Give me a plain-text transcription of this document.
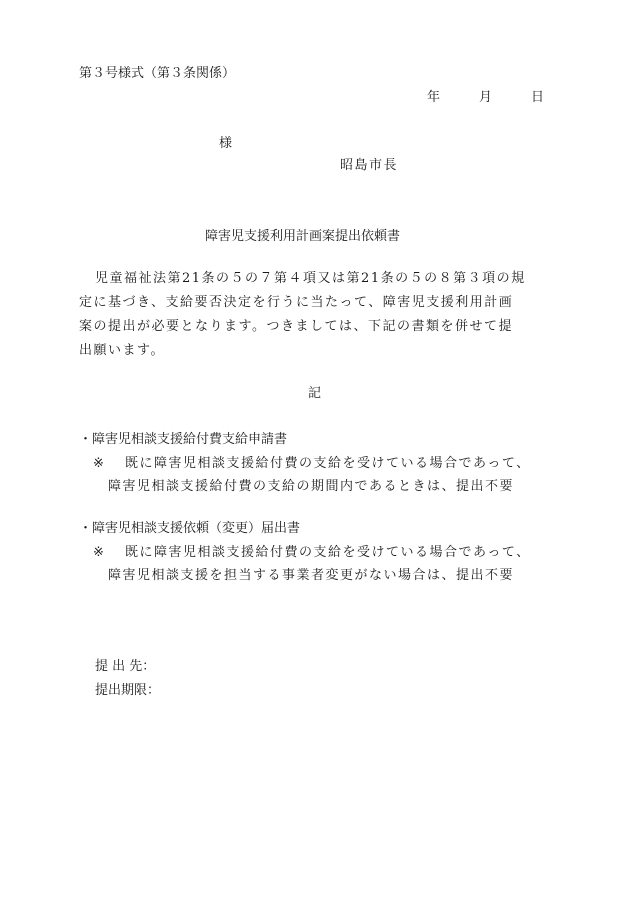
第３号様式（第３条関係）
年	月	日
様
昭島市長
障害児支援利用計画案提出依頼書
児童福祉法第21条の５の７第４項又は第21条の５の８第３項の規
定に基づき、支給要否決定を行うに当たって、障害児支援利用計画
案の提出が必要となります。つきましては、下記の書類を併せて提
出願います。
記
・障害児相談支援給付費支給申請書
※ 既に障害児相談支援給付費の支給を受けている場合であって、
障害児相談支援給付費の支給の期間内であるときは、提出不要
・障害児相談支援依頼（変更）届出書
※ 既に障害児相談支援給付費の支給を受けている場合であって、
障害児相談支援を担当する事業者変更がない場合は、提出不要
提 出 先：
提出期限：
